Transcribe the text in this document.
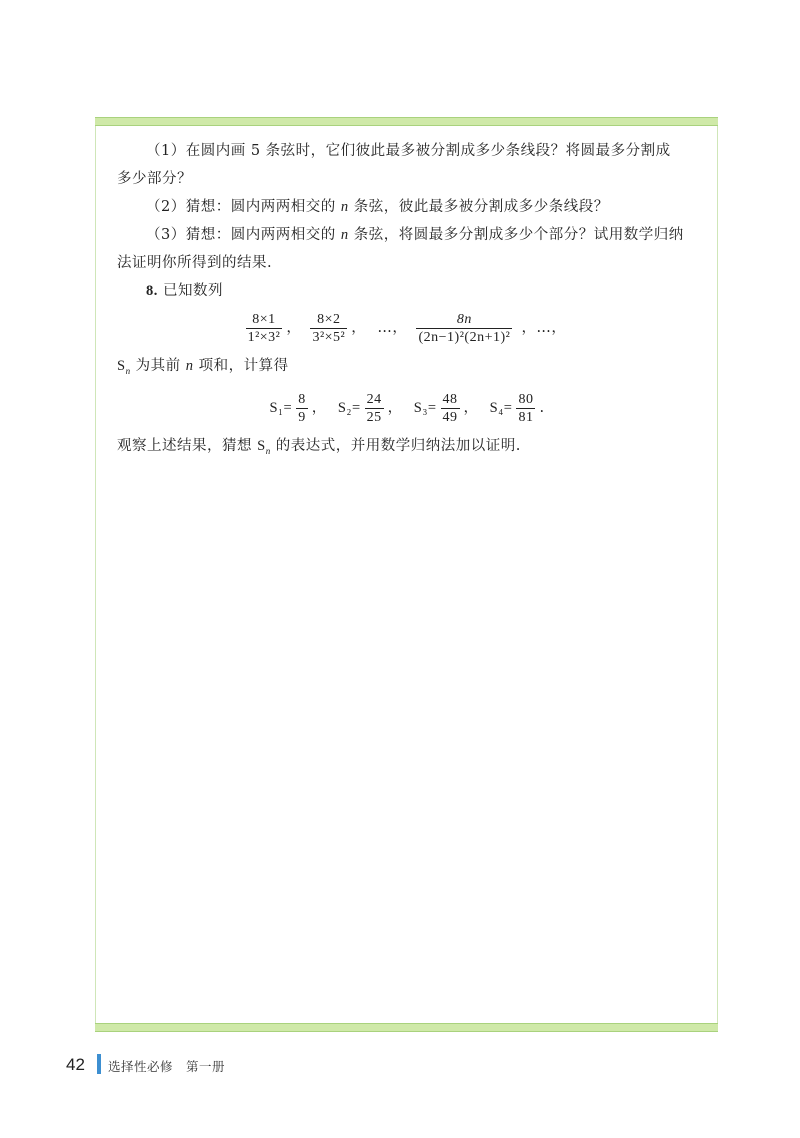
（1）在圆内画 5 条弦时，它们彼此最多被分割成多少条线段？将圆最多分割成

多少部分？

（2）猜想：圆内两两相交的 n 条弦，彼此最多被分割成多少条线段？

（3）猜想：圆内两两相交的 n 条弦，将圆最多分割成多少个部分？试用数学归纳法证明你所得到的结果.

8. 已知数列

$\frac{8\times 1}{\text{1²×3²}}$ ， $\frac{8\times 2}{\text{3²×5²}}$ ， …， $\frac{8n}{\text{(2n−1)²(2n+1)²}}$ ，…，

$S_n$ 为其前 n 项和，计算得

$S_1= \frac{8}{9}$ ， $S_2= \frac{24}{25}$ ， $S_3= \frac{48}{49}$ ， $S_4= \frac{80}{81}$ .

观察上述结果，猜想 $S_n$ 的表达式，并用数学归纳法加以证明.

42 选择性必修　第一册
